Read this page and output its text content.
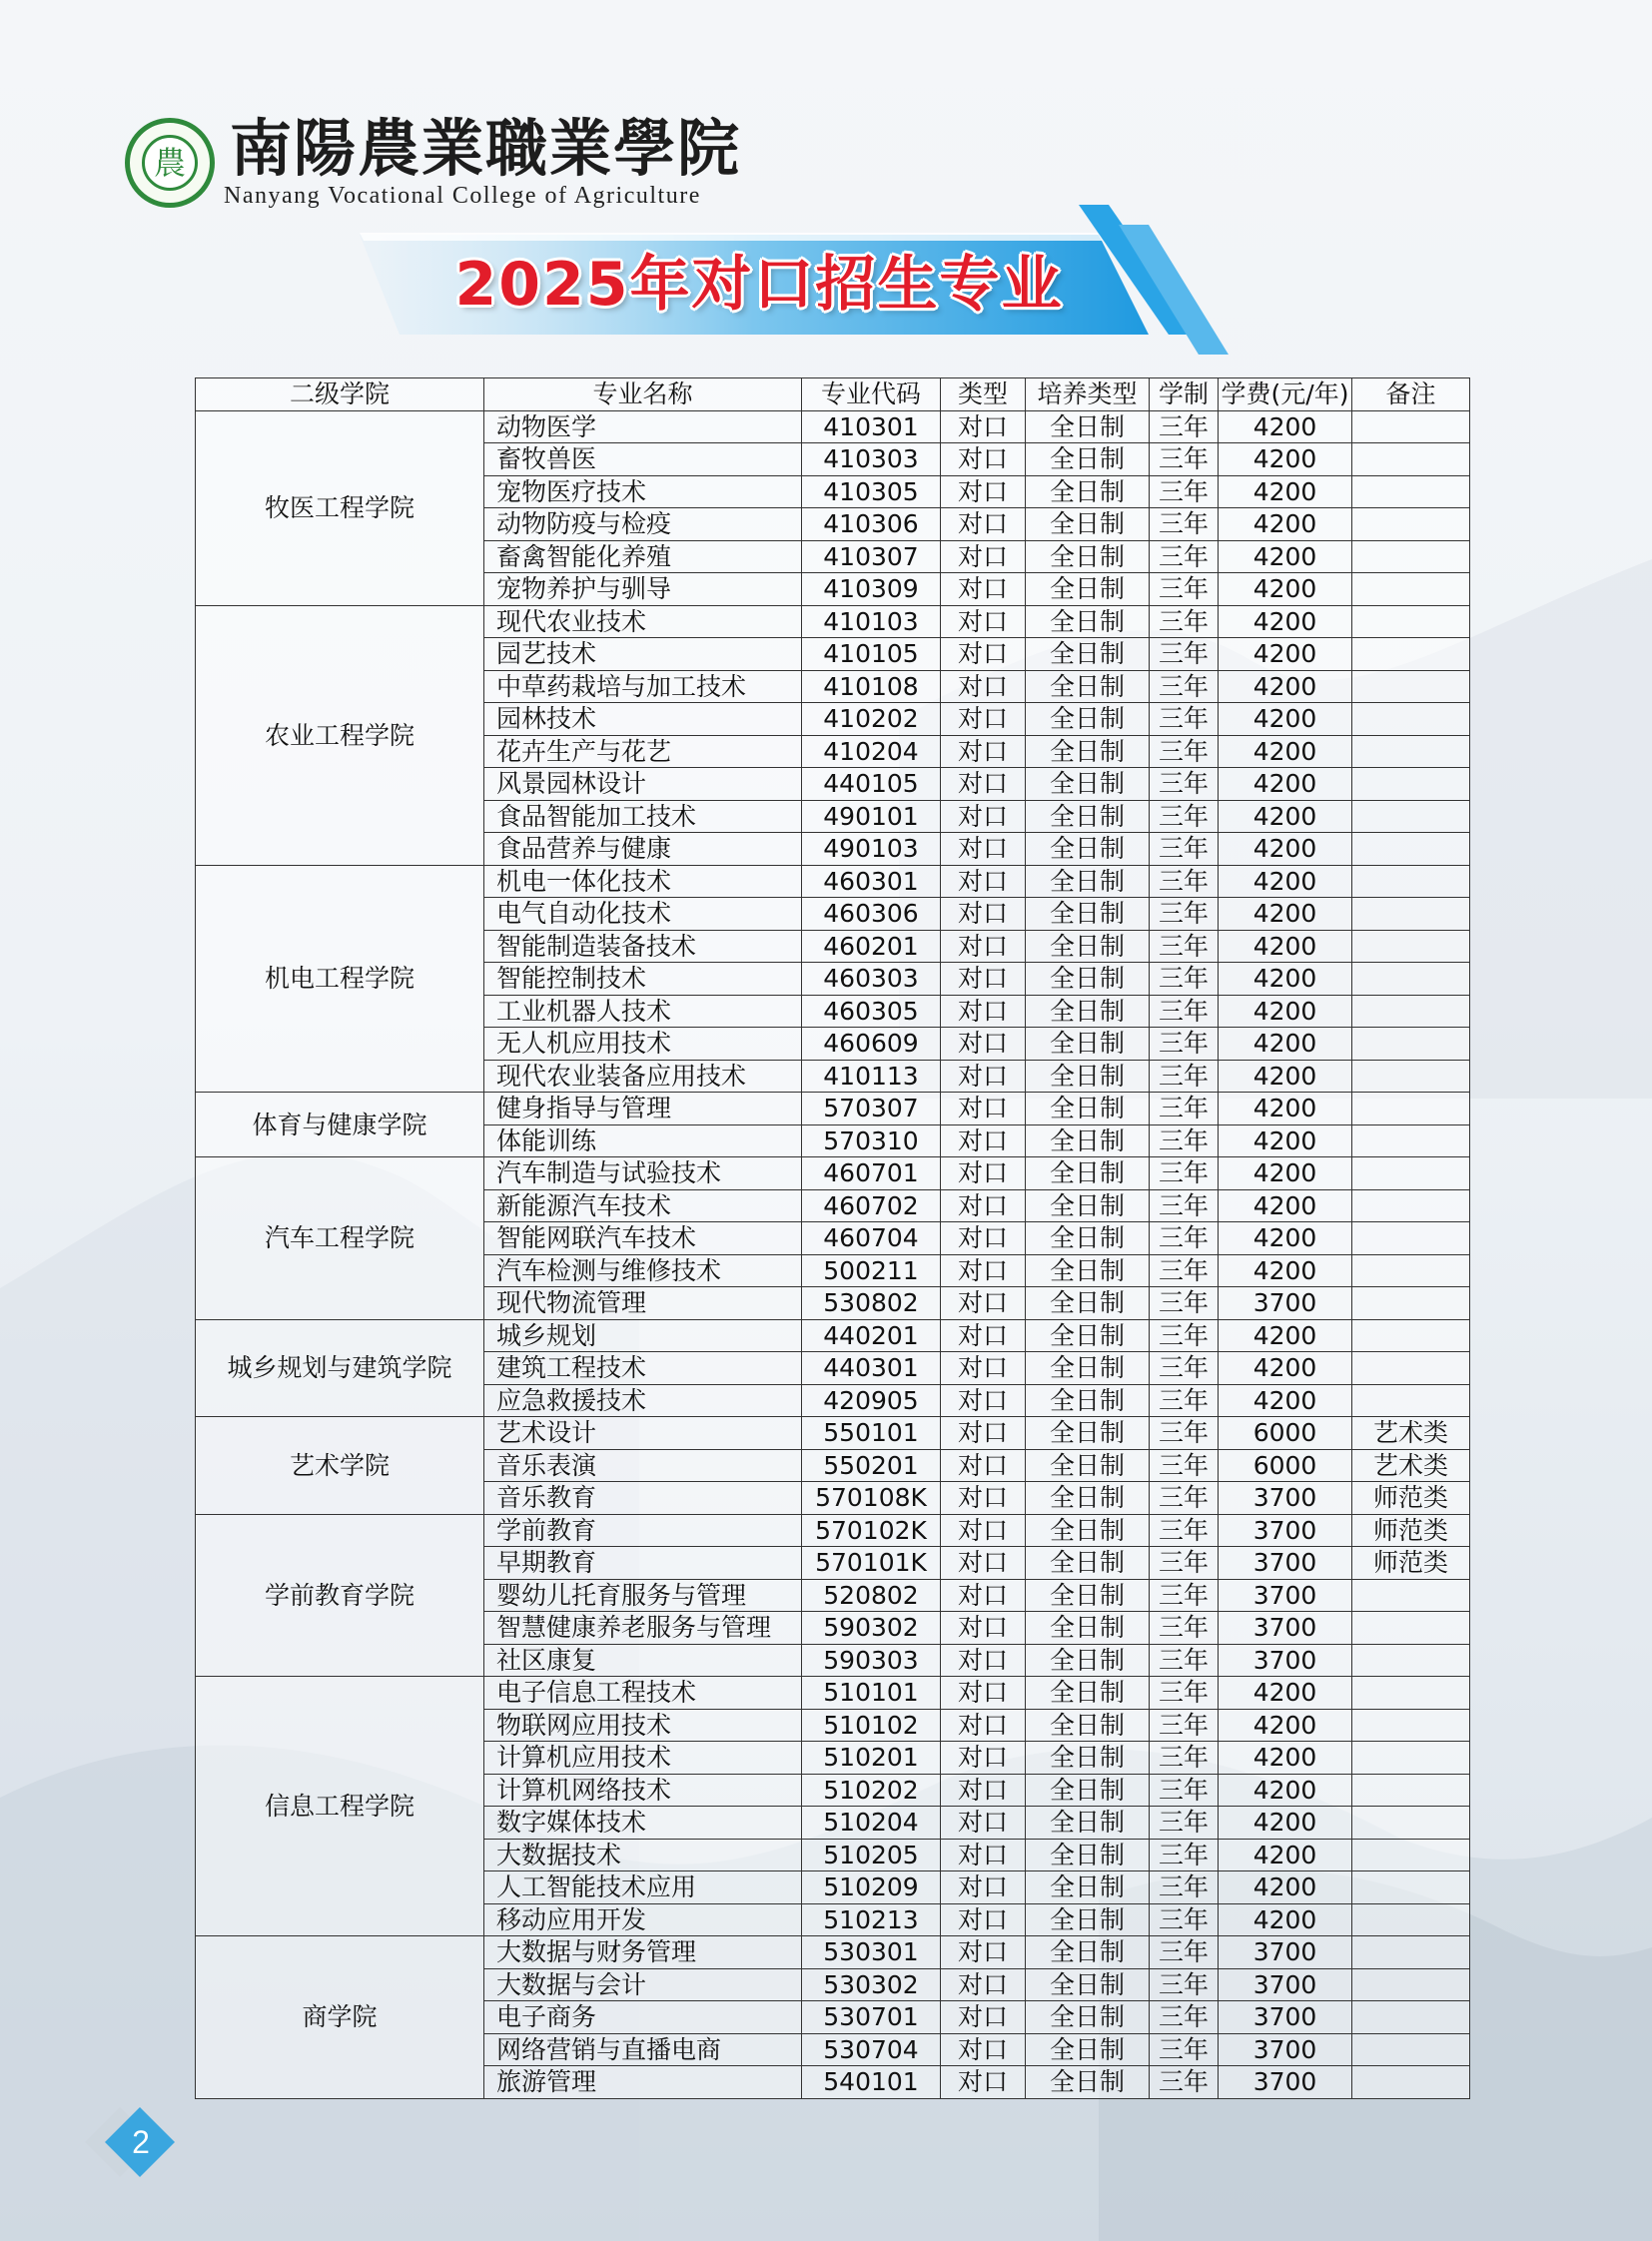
農 南陽農業職業學院
Nanyang Vocational College of Agriculture
2025年对口招生专业
二级学院	专业名称	专业代码	类型	培养类型	学制	学费(元/年)	备注
牧医工程学院	动物医学	410301	对口	全日制	三年	4200	
	畜牧兽医	410303	对口	全日制	三年	4200	
	宠物医疗技术	410305	对口	全日制	三年	4200	
	动物防疫与检疫	410306	对口	全日制	三年	4200	
	畜禽智能化养殖	410307	对口	全日制	三年	4200	
	宠物养护与驯导	410309	对口	全日制	三年	4200	
农业工程学院	现代农业技术	410103	对口	全日制	三年	4200	
	园艺技术	410105	对口	全日制	三年	4200	
	中草药栽培与加工技术	410108	对口	全日制	三年	4200	
	园林技术	410202	对口	全日制	三年	4200	
	花卉生产与花艺	410204	对口	全日制	三年	4200	
	风景园林设计	440105	对口	全日制	三年	4200	
	食品智能加工技术	490101	对口	全日制	三年	4200	
	食品营养与健康	490103	对口	全日制	三年	4200	
机电工程学院	机电一体化技术	460301	对口	全日制	三年	4200	
	电气自动化技术	460306	对口	全日制	三年	4200	
	智能制造装备技术	460201	对口	全日制	三年	4200	
	智能控制技术	460303	对口	全日制	三年	4200	
	工业机器人技术	460305	对口	全日制	三年	4200	
	无人机应用技术	460609	对口	全日制	三年	4200	
	现代农业装备应用技术	410113	对口	全日制	三年	4200	
体育与健康学院	健身指导与管理	570307	对口	全日制	三年	4200	
	体能训练	570310	对口	全日制	三年	4200	
汽车工程学院	汽车制造与试验技术	460701	对口	全日制	三年	4200	
	新能源汽车技术	460702	对口	全日制	三年	4200	
	智能网联汽车技术	460704	对口	全日制	三年	4200	
	汽车检测与维修技术	500211	对口	全日制	三年	4200	
	现代物流管理	530802	对口	全日制	三年	3700	
城乡规划与建筑学院	城乡规划	440201	对口	全日制	三年	4200	
	建筑工程技术	440301	对口	全日制	三年	4200	
	应急救援技术	420905	对口	全日制	三年	4200	
艺术学院	艺术设计	550101	对口	全日制	三年	6000	艺术类
	音乐表演	550201	对口	全日制	三年	6000	艺术类
	音乐教育	570108K	对口	全日制	三年	3700	师范类
学前教育学院	学前教育	570102K	对口	全日制	三年	3700	师范类
	早期教育	570101K	对口	全日制	三年	3700	师范类
	婴幼儿托育服务与管理	520802	对口	全日制	三年	3700	
	智慧健康养老服务与管理	590302	对口	全日制	三年	3700	
	社区康复	590303	对口	全日制	三年	3700	
信息工程学院	电子信息工程技术	510101	对口	全日制	三年	4200	
	物联网应用技术	510102	对口	全日制	三年	4200	
	计算机应用技术	510201	对口	全日制	三年	4200	
	计算机网络技术	510202	对口	全日制	三年	4200	
	数字媒体技术	510204	对口	全日制	三年	4200	
	大数据技术	510205	对口	全日制	三年	4200	
	人工智能技术应用	510209	对口	全日制	三年	4200	
	移动应用开发	510213	对口	全日制	三年	4200	
商学院	大数据与财务管理	530301	对口	全日制	三年	3700	
	大数据与会计	530302	对口	全日制	三年	3700	
	电子商务	530701	对口	全日制	三年	3700	
	网络营销与直播电商	530704	对口	全日制	三年	3700	
	旅游管理	540101	对口	全日制	三年	3700	
2
